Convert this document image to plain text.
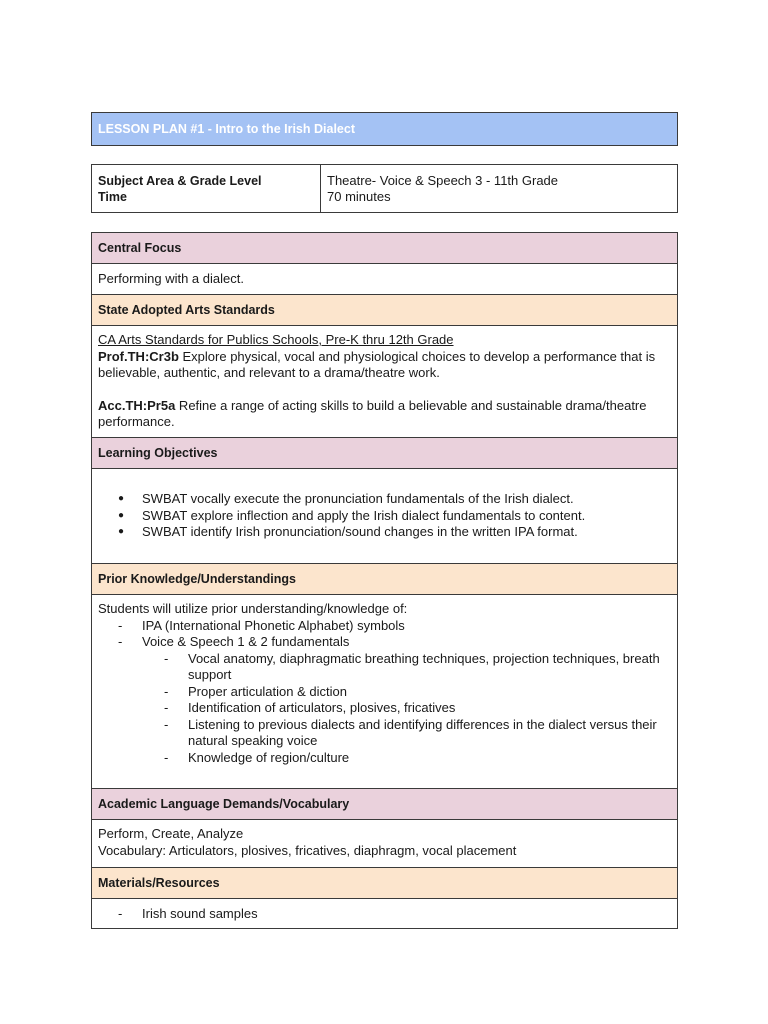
LESSON PLAN #1 - Intro to the Irish Dialect
Subject Area & Grade Level
Time
Theatre- Voice & Speech 3 - 11th Grade
70 minutes
Central Focus
Performing with a dialect.
State Adopted Arts Standards
CA Arts Standards for Publics Schools, Pre-K thru 12th Grade
Prof.TH:Cr3b Explore physical, vocal and physiological choices to develop a performance that is believable, authentic, and relevant to a drama/theatre work.
Acc.TH:Pr5a Refine a range of acting skills to build a believable and sustainable drama/theatre performance.
Learning Objectives
● SWBAT vocally execute the pronunciation fundamentals of the Irish dialect.
● SWBAT explore inflection and apply the Irish dialect fundamentals to content.
● SWBAT identify Irish pronunciation/sound changes in the written IPA format.
Prior Knowledge/Understandings
Students will utilize prior understanding/knowledge of:
- IPA (International Phonetic Alphabet) symbols
- Voice & Speech 1 & 2 fundamentals
- Vocal anatomy, diaphragmatic breathing techniques, projection techniques, breath support
- Proper articulation & diction
- Identification of articulators, plosives, fricatives
- Listening to previous dialects and identifying differences in the dialect versus their natural speaking voice
- Knowledge of region/culture
Academic Language Demands/Vocabulary
Perform, Create, Analyze
Vocabulary: Articulators, plosives, fricatives, diaphragm, vocal placement
Materials/Resources
- Irish sound samples
